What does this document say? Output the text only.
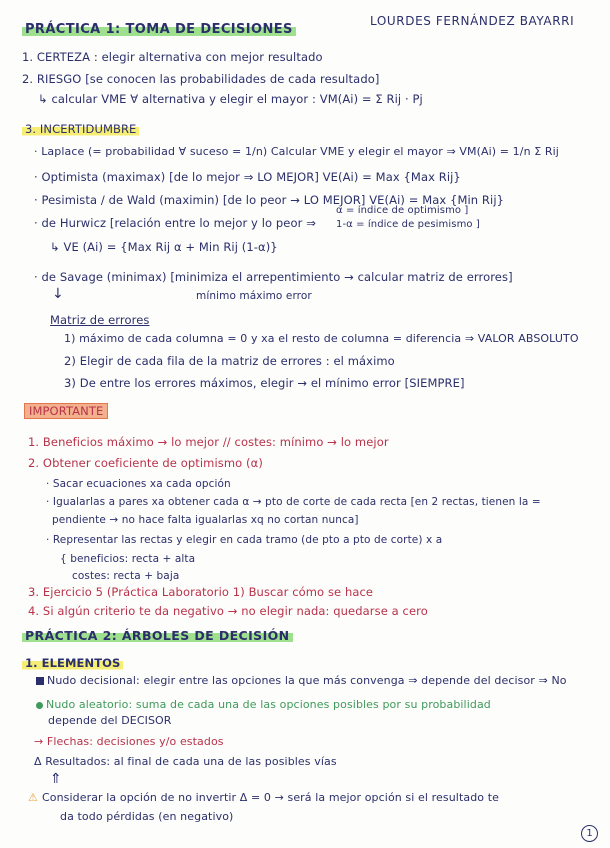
PRÁCTICA 1: TOMA DE DECISIONES
LOURDES FERNÁNDEZ BAYARRI
1. CERTEZA : elegir alternativa con mejor resultado
2. RIESGO [se conocen las probabilidades de cada resultado]
↳ calcular VME ∀ alternativa y elegir el mayor : VM(Ai) = Σ Rij · Pj
3. INCERTIDUMBRE
· Laplace (= probabilidad ∀ suceso = 1/n) Calcular VME y elegir el mayor ⇒ VM(Ai) = 1/n Σ Rij
· Optimista (maximax) [de lo mejor ⇒ LO MEJOR] VE(Ai) = Max {Max Rij}
· Pesimista / de Wald (maximin) [de lo peor → LO MEJOR] VE(Ai) = Max {Min Rij}
· de Hurwicz [relación entre lo mejor y lo peor ⇒
α = índice de optimismo ]
1-α = índice de pesimismo ]
↳ VE (Ai) = {Max Rij α + Min Rij (1-α)}
· de Savage (minimax) [minimiza el arrepentimiento → calcular matriz de errores]
↓	mínimo máximo error
Matriz de errores
1) máximo de cada columna = 0 y xa el resto de columna = diferencia ⇒ VALOR ABSOLUTO
2) Elegir de cada fila de la matriz de errores : el máximo
3) De entre los errores máximos, elegir → el mínimo error [SIEMPRE]
IMPORTANTE
1. Beneficios máximo → lo mejor // costes: mínimo → lo mejor
2. Obtener coeficiente de optimismo (α)
· Sacar ecuaciones xa cada opción
· Igualarlas a pares xa obtener cada α → pto de corte de cada recta [en 2 rectas, tienen la =
pendiente → no hace falta igualarlas xq no cortan nunca]
· Representar las rectas y elegir en cada tramo (de pto a pto de corte) x a
{ beneficios: recta + alta
costes: recta + baja
3. Ejercicio 5 (Práctica Laboratorio 1) Buscar cómo se hace
4. Si algún criterio te da negativo → no elegir nada: quedarse a cero
PRÁCTICA 2: ÁRBOLES DE DECISIÓN
1. ELEMENTOS
Nudo decisional: elegir entre las opciones la que más convenga ⇒ depende del decisor ⇒ No
Nudo aleatorio: suma de cada una de las opciones posibles por su probabilidad
depende del DECISOR
→ Flechas: decisiones y/o estados
Δ Resultados: al final de cada una de las posibles vías
⇑
⚠ Considerar la opción de no invertir Δ = 0 → será la mejor opción si el resultado te
da todo pérdidas (en negativo)
1
